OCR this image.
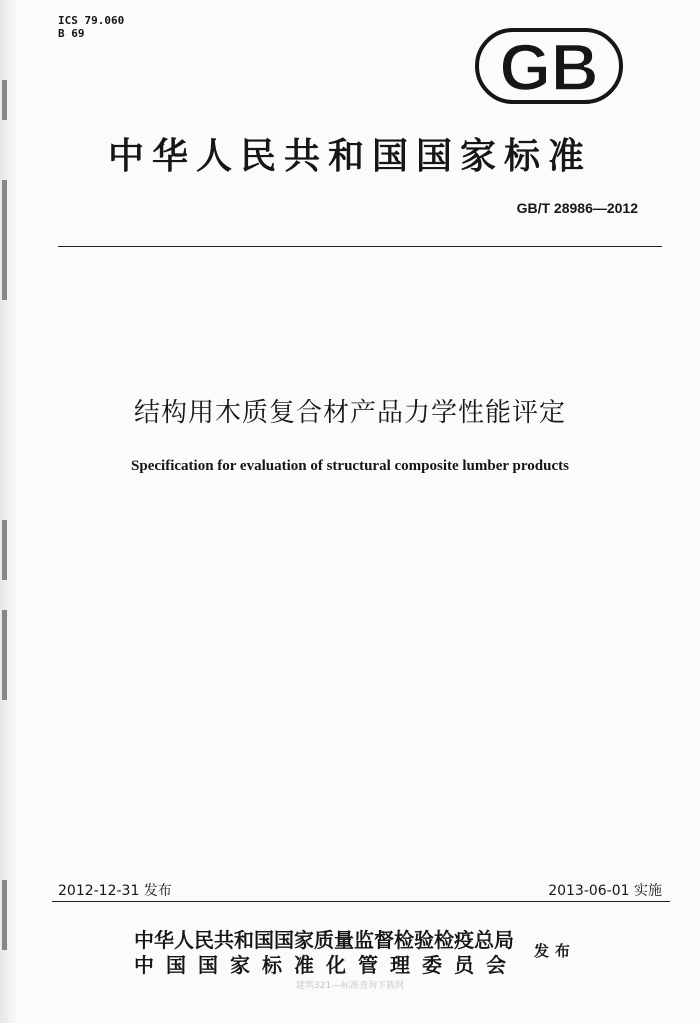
ICS 79.060
B 69	GB
中华人民共和国国家标准
GB/T 28986—2012
结构用木质复合材产品力学性能评定
Specification for evaluation of structural composite lumber products
2012-12-31 发布	2013-06-01 实施
中华人民共和国国家质量监督检验检疫总局
中国国家标准化管理委员会
发布
建筑321---标准查询下载网
